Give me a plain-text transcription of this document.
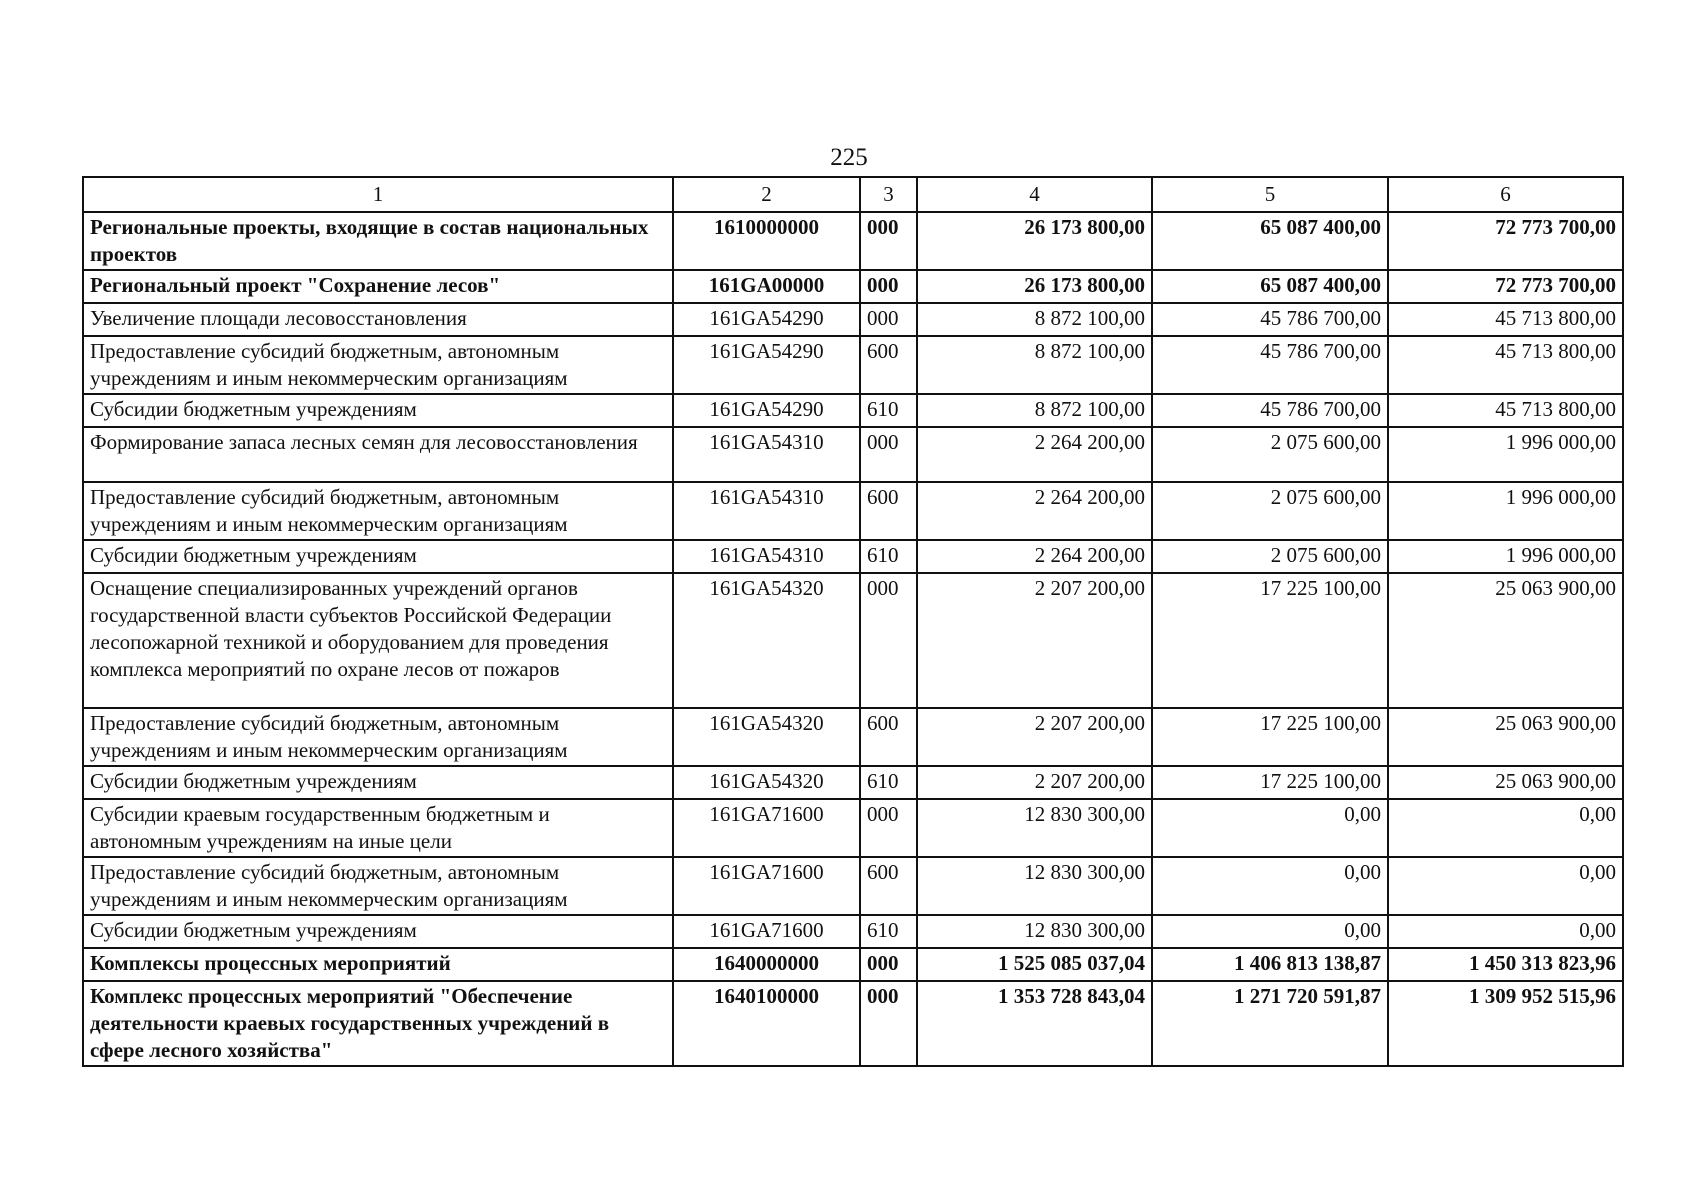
225
1	2	3	4	5	6
Региональные проекты, входящие в состав национальных проектов	1610000000	000	26 173 800,00	65 087 400,00	72 773 700,00
Региональный проект "Сохранение лесов"	161GA00000	000	26 173 800,00	65 087 400,00	72 773 700,00
Увеличение площади лесовосстановления	161GA54290	000	8 872 100,00	45 786 700,00	45 713 800,00
Предоставление субсидий бюджетным, автономным учреждениям и иным некоммерческим организациям	161GA54290	600	8 872 100,00	45 786 700,00	45 713 800,00
Субсидии бюджетным учреждениям	161GA54290	610	8 872 100,00	45 786 700,00	45 713 800,00
Формирование запаса лесных семян для лесовосстановления	161GA54310	000	2 264 200,00	2 075 600,00	1 996 000,00
Предоставление субсидий бюджетным, автономным учреждениям и иным некоммерческим организациям	161GA54310	600	2 264 200,00	2 075 600,00	1 996 000,00
Субсидии бюджетным учреждениям	161GA54310	610	2 264 200,00	2 075 600,00	1 996 000,00
Оснащение специализированных учреждений органов государственной власти субъектов Российской Федерации лесопожарной техникой и оборудованием для проведения комплекса мероприятий по охране лесов от пожаров	161GA54320	000	2 207 200,00	17 225 100,00	25 063 900,00
Предоставление субсидий бюджетным, автономным учреждениям и иным некоммерческим организациям	161GA54320	600	2 207 200,00	17 225 100,00	25 063 900,00
Субсидии бюджетным учреждениям	161GA54320	610	2 207 200,00	17 225 100,00	25 063 900,00
Субсидии краевым государственным бюджетным и автономным учреждениям на иные цели	161GA71600	000	12 830 300,00	0,00	0,00
Предоставление субсидий бюджетным, автономным учреждениям и иным некоммерческим организациям	161GA71600	600	12 830 300,00	0,00	0,00
Субсидии бюджетным учреждениям	161GA71600	610	12 830 300,00	0,00	0,00
Комплексы процессных мероприятий	1640000000	000	1 525 085 037,04	1 406 813 138,87	1 450 313 823,96
Комплекс процессных мероприятий "Обеспечение деятельности краевых государственных учреждений в сфере лесного хозяйства"	1640100000	000	1 353 728 843,04	1 271 720 591,87	1 309 952 515,96
